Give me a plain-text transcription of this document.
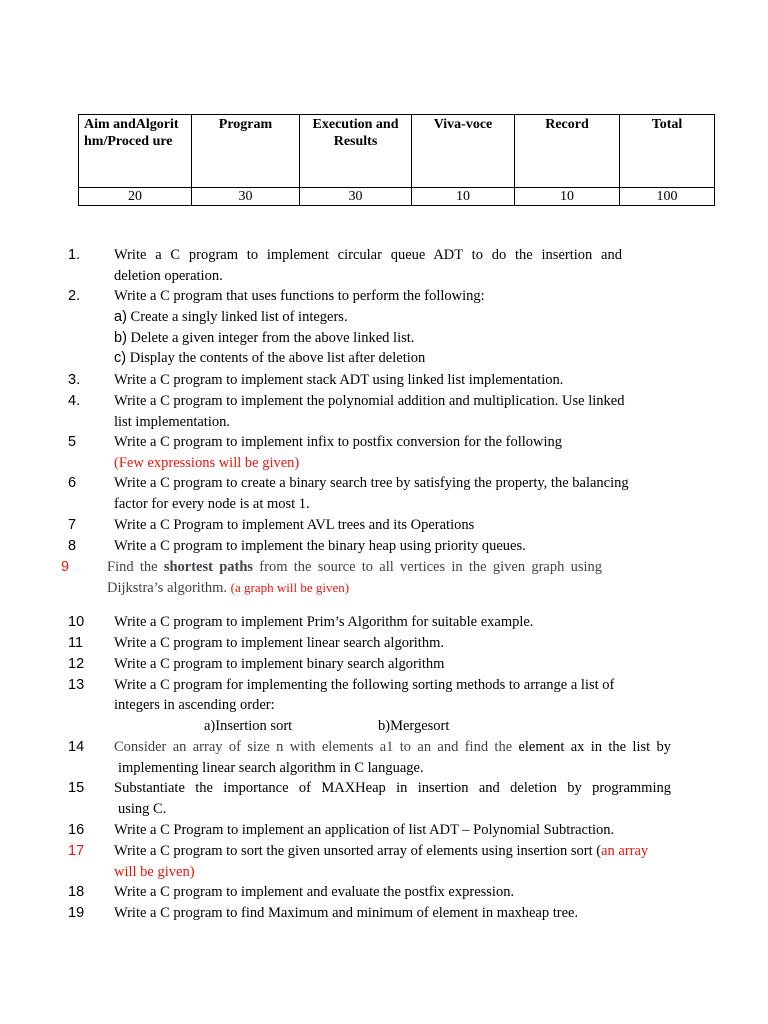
Aim andAlgorit hm/Proced ure	Program	Execution and Results	Viva-voce	Record	Total
20	30	30	10	10	100
1. Write a C program to implement circular queue ADT to do the insertion and
deletion operation.
2. Write a C program that uses functions to perform the following:
a) Create a singly linked list of integers.
b) Delete a given integer from the above linked list.
c) Display the contents of the above list after deletion
3. Write a C program to implement stack ADT using linked list implementation.
4. Write a C program to implement the polynomial addition and multiplication. Use linked
list implementation.
5	Write a C program to implement infix to postfix conversion for the following
(Few expressions will be given)
6	Write a C program to create a binary search tree by satisfying the property, the balancing
factor for every node is at most 1.
7	Write a C Program to implement AVL trees and its Operations
8	Write a C program to implement the binary heap using priority queues.
9	Find the shortest paths from the source to all vertices in the given graph using
Dijkstra’s algorithm. (a graph will be given)
10 Write a C program to implement Prim’s Algorithm for suitable example.
11 Write a C program to implement linear search algorithm.
12 Write a C program to implement binary search algorithm
13 Write a C program for implementing the following sorting methods to arrange a list of
integers in ascending order:
a)Insertion sort	b)Mergesort
14 Consider an array of size n with elements a1 to an and find the element ax in the list by
implementing linear search algorithm in C language.
15 Substantiate the importance of MAXHeap in insertion and deletion by programming
using C.
16 Write a C Program to implement an application of list ADT – Polynomial Subtraction.
17 Write a C program to sort the given unsorted array of elements using insertion sort (an array
will be given)
18 Write a C program to implement and evaluate the postfix expression.
19 Write a C program to find Maximum and minimum of element in maxheap tree.
